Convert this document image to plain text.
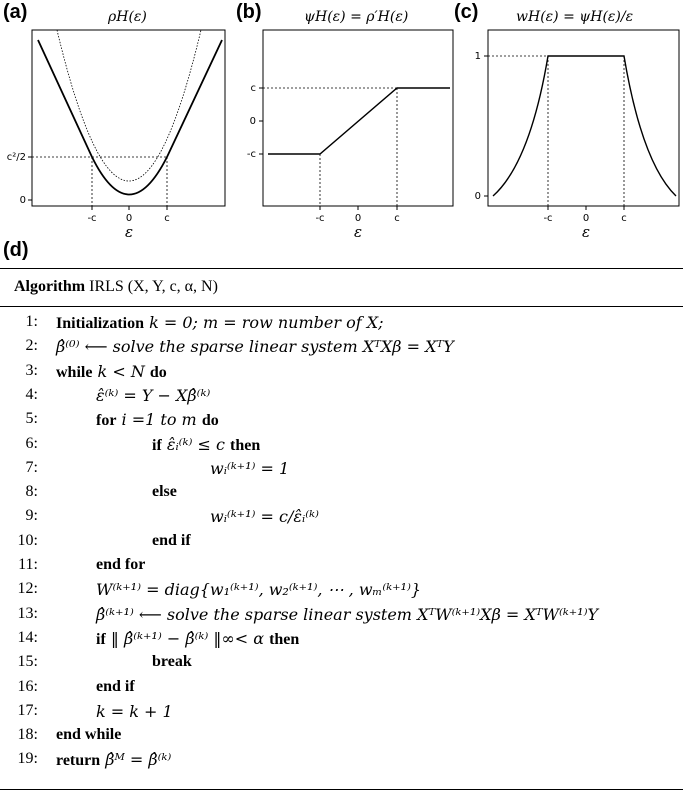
(a)	(b)	(c)
(d)
ρH(ε)	ψH(ε) = ρ′H(ε)	wH(ε) = ψH(ε)/ε
c²/2
0
-c	0	c
ε
c
0
-c
-c	0	c
ε
1
0
-c	0	c
ε
Algorithm IRLS (X, Y, c, α, N)
1: Initialization k = 0; m = row number of X;
2: β̂⁽⁰⁾ ⟵ solve the sparse linear system XᵀXβ = XᵀY
3: while k < N do
4:	ε̂⁽ᵏ⁾ = Y − Xβ̂⁽ᵏ⁾
5:	for i =1 to m do
6:	if ε̂ᵢ⁽ᵏ⁾ ≤ c then
7:	wᵢ⁽ᵏ⁺¹⁾ = 1
8:	else
9:	wᵢ⁽ᵏ⁺¹⁾ = c/ε̂ᵢ⁽ᵏ⁾
10:	end if
11:	end for
12:	W⁽ᵏ⁺¹⁾ = diag{w₁⁽ᵏ⁺¹⁾, w₂⁽ᵏ⁺¹⁾, ⋯ , wₘ⁽ᵏ⁺¹⁾}
13:	β̂⁽ᵏ⁺¹⁾ ⟵ solve the sparse linear system XᵀW⁽ᵏ⁺¹⁾Xβ = XᵀW⁽ᵏ⁺¹⁾Y
14:	if ‖ β̂⁽ᵏ⁺¹⁾ − β̂⁽ᵏ⁾ ‖∞< α then
15:	break
16:	end if
17:	k = k + 1
18: end while
19: return β̂ᴹ = β̂⁽ᵏ⁾
